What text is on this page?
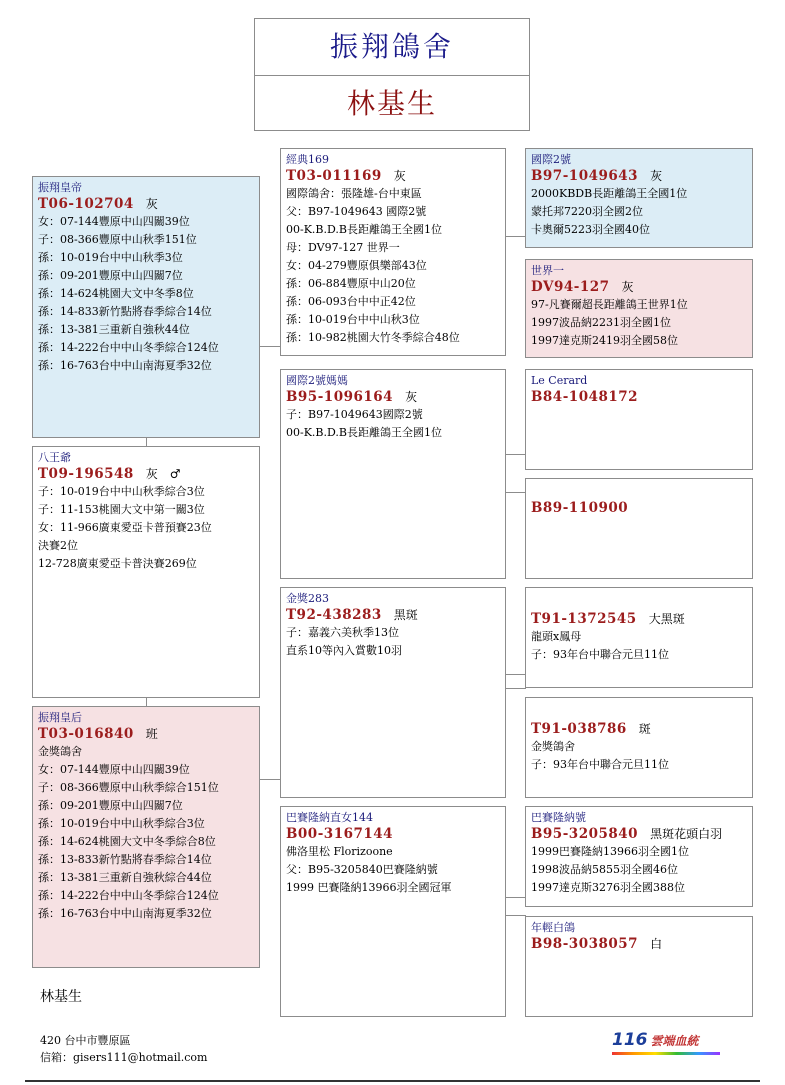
振翔鴿舍
林基生
振翔皇帝
T06-102704 灰
女：07-144豐原中山四關39位
子：08-366豐原中山秋季151位
孫：10-019台中中山秋季3位
孫：09-201豐原中山四關7位
孫：14-624桃園大文中冬季8位
孫：14-833新竹點將春季綜合14位
孫：13-381三重新自強秋44位
孫：14-222台中中山冬季綜合124位
孫：16-763台中中山南海夏季32位
八王爺
T09-196548 灰　♂
子：10-019台中中山秋季綜合3位
子：11-153桃園大文中第一關3位
女：11-966廣東愛亞卡普預賽23位
決賽2位
12-728廣東愛亞卡普決賽269位
振翔皇后
T03-016840 班
金獎鴿舍
女：07-144豐原中山四關39位
子：08-366豐原中山秋季綜合151位
孫：09-201豐原中山四關7位
孫：10-019台中中山秋季綜合3位
孫：14-624桃園大文中冬季綜合8位
孫：13-833新竹點將春季綜合14位
孫：13-381三重新自強秋綜合44位
孫：14-222台中中山冬季綜合124位
孫：16-763台中中山南海夏季32位
經典169
T03-011169 灰
國際鴿舍：張隆雄-台中東區
父：B97-1049643 國際2號
00-K.B.D.B長距離鴿王全國1位
母：DV97-127 世界一
女：04-279豐原俱樂部43位
孫：06-884豐原中山20位
孫：06-093台中中正42位
孫：10-019台中中山秋3位
孫：10-982桃園大竹冬季綜合48位
國際2號媽媽
B95-1096164 灰
子：B97-1049643國際2號
00-K.B.D.B長距離鴿王全國1位
金獎283
T92-438283 黑斑
子：嘉義六美秋季13位
直系10等內入賞數10羽
巴賽隆納直女144
B00-3167144
佛洛里松 Florizoone
父：B95-3205840巴賽隆納號
1999 巴賽隆納13966羽全國冠軍
國際2號
B97-1049643 灰
2000KBDB長距離鴿王全國1位
蒙托邦7220羽全國2位
卡奧爾5223羽全國40位
世界一
DV94-127 灰
97-凡賽爾超長距離鴿王世界1位
1997波品納2231羽全國1位
1997達克斯2419羽全國58位
Le Cerard
B84-1048172
B89-110900
T91-1372545 大黑斑
龍頭x鳳母
子：93年台中聯合元旦11位
T91-038786 斑
金獎鴿舍
子：93年台中聯合元旦11位
巴賽隆納號
B95-3205840 黑斑花頭白羽
1999巴賽隆納13966羽全國1位
1998波品納5855羽全國46位
1997達克斯3276羽全國388位
年輕白鴿
B98-3038057 白
林基生
420 台中市豐原區
信箱：gisers111@hotmail.com
116 雲端血統
